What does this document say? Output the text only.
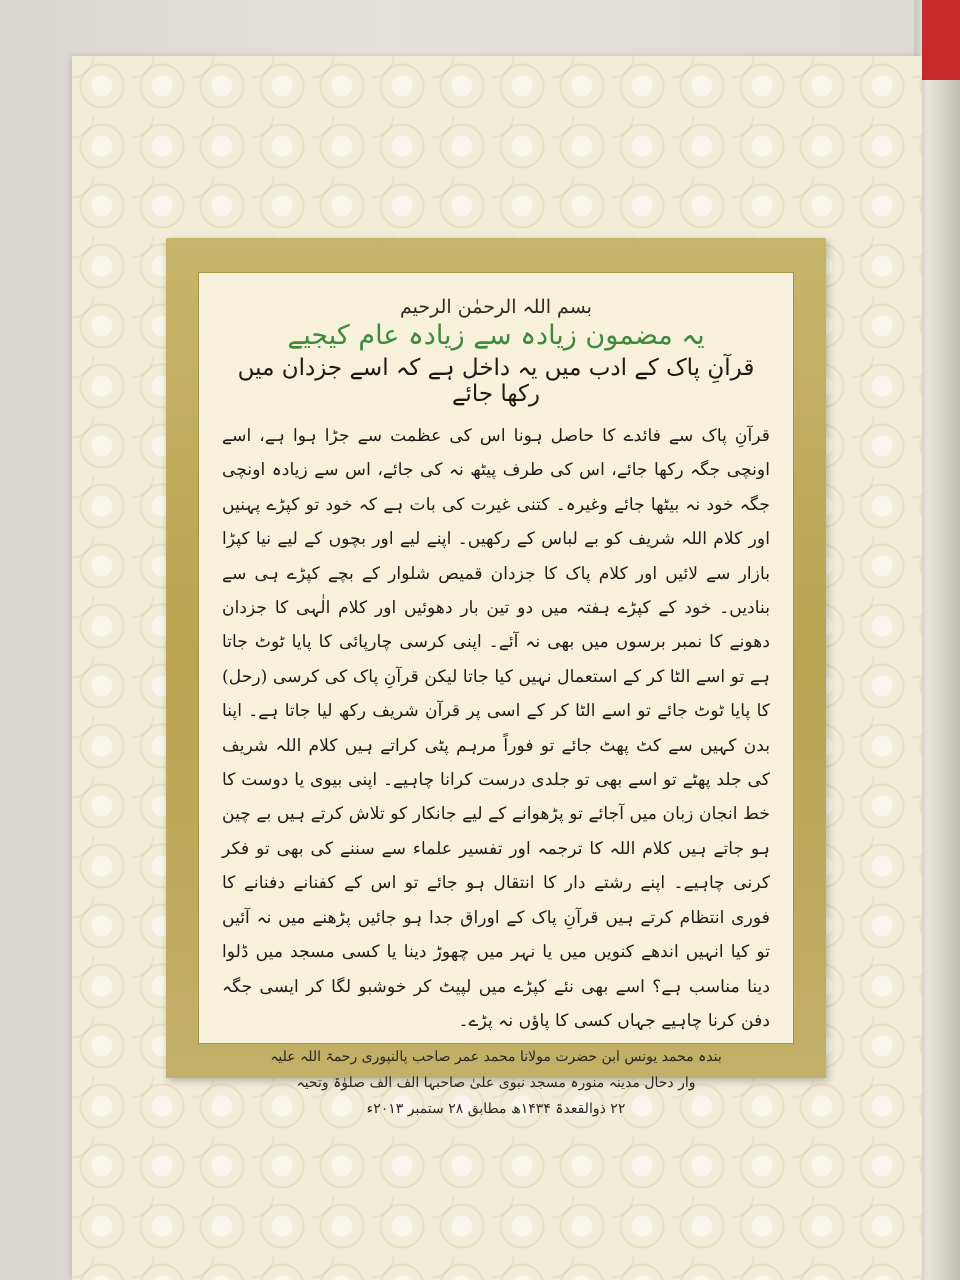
بسم اللہ الرحمٰن الرحیم
یہ مضمون زیادہ سے زیادہ عام کیجیے
قرآنِ پاک کے ادب میں یہ داخل ہے کہ اسے جزدان میں رکھا جائے

قرآنِ پاک سے فائدے کا حاصل ہونا اس کی عظمت سے جڑا ہوا ہے، اسے اونچی جگہ رکھا جائے، اس کی طرف پیٹھ نہ کی جائے، اس سے زیادہ اونچی جگہ خود نہ بیٹھا جائے وغیرہ۔ کتنی غیرت کی بات ہے کہ خود تو کپڑے پہنیں اور کلام اللہ شریف کو بے لباس کے رکھیں۔ اپنے لیے اور بچوں کے لیے نیا کپڑا بازار سے لائیں اور کلام پاک کا جزدان قمیص شلوار کے بچے کپڑے ہی سے بنادیں۔ خود کے کپڑے ہفتہ میں دو تین بار دھوئیں اور کلام الٰہی کا جزدان دھونے کا نمبر برسوں میں بھی نہ آئے۔ اپنی کرسی چارپائی کا پایا ٹوٹ جاتا ہے تو اسے الٹا کر کے استعمال نہیں کیا جاتا لیکن قرآنِ پاک کی کرسی (رحل) کا پایا ٹوٹ جائے تو اسے الٹا کر کے اسی پر قرآن شریف رکھ لیا جاتا ہے۔ اپنا بدن کہیں سے کٹ پھٹ جائے تو فوراً مرہم پٹی کراتے ہیں کلام اللہ شریف کی جلد پھٹے تو اسے بھی تو جلدی درست کرانا چاہیے۔ اپنی بیوی یا دوست کا خط انجان زبان میں آجائے تو پڑھوانے کے لیے جانکار کو تلاش کرتے ہیں بے چین ہو جاتے ہیں کلام اللہ کا ترجمہ اور تفسیر علماء سے سننے کی بھی تو فکر کرنی چاہیے۔ اپنے رشتے دار کا انتقال ہو جائے تو اس کے کفنانے دفنانے کا فوری انتظام کرتے ہیں قرآنِ پاک کے اوراق جدا ہو جائیں پڑھنے میں نہ آئیں تو کیا انہیں اندھے کنویں میں یا نہر میں چھوڑ دینا یا کسی مسجد میں ڈلوا دینا مناسب ہے؟ اسے بھی نئے کپڑے میں لپیٹ کر خوشبو لگا کر ایسی جگہ دفن کرنا چاہیے جہاں کسی کا پاؤں نہ پڑے۔

بندہ محمد یونس ابن حضرت مولانا محمد عمر صاحب پالنپوری رحمۃ اللہ علیہ
وار دحال مدینہ منورہ مسجد نبوی علیٰ صاحبہا الف الف صلوٰۃ وتحیہ
۲۲ ذوالقعدۃ ۱۴۳۴ھ مطابق ۲۸ ستمبر ۲۰۱۳ء
